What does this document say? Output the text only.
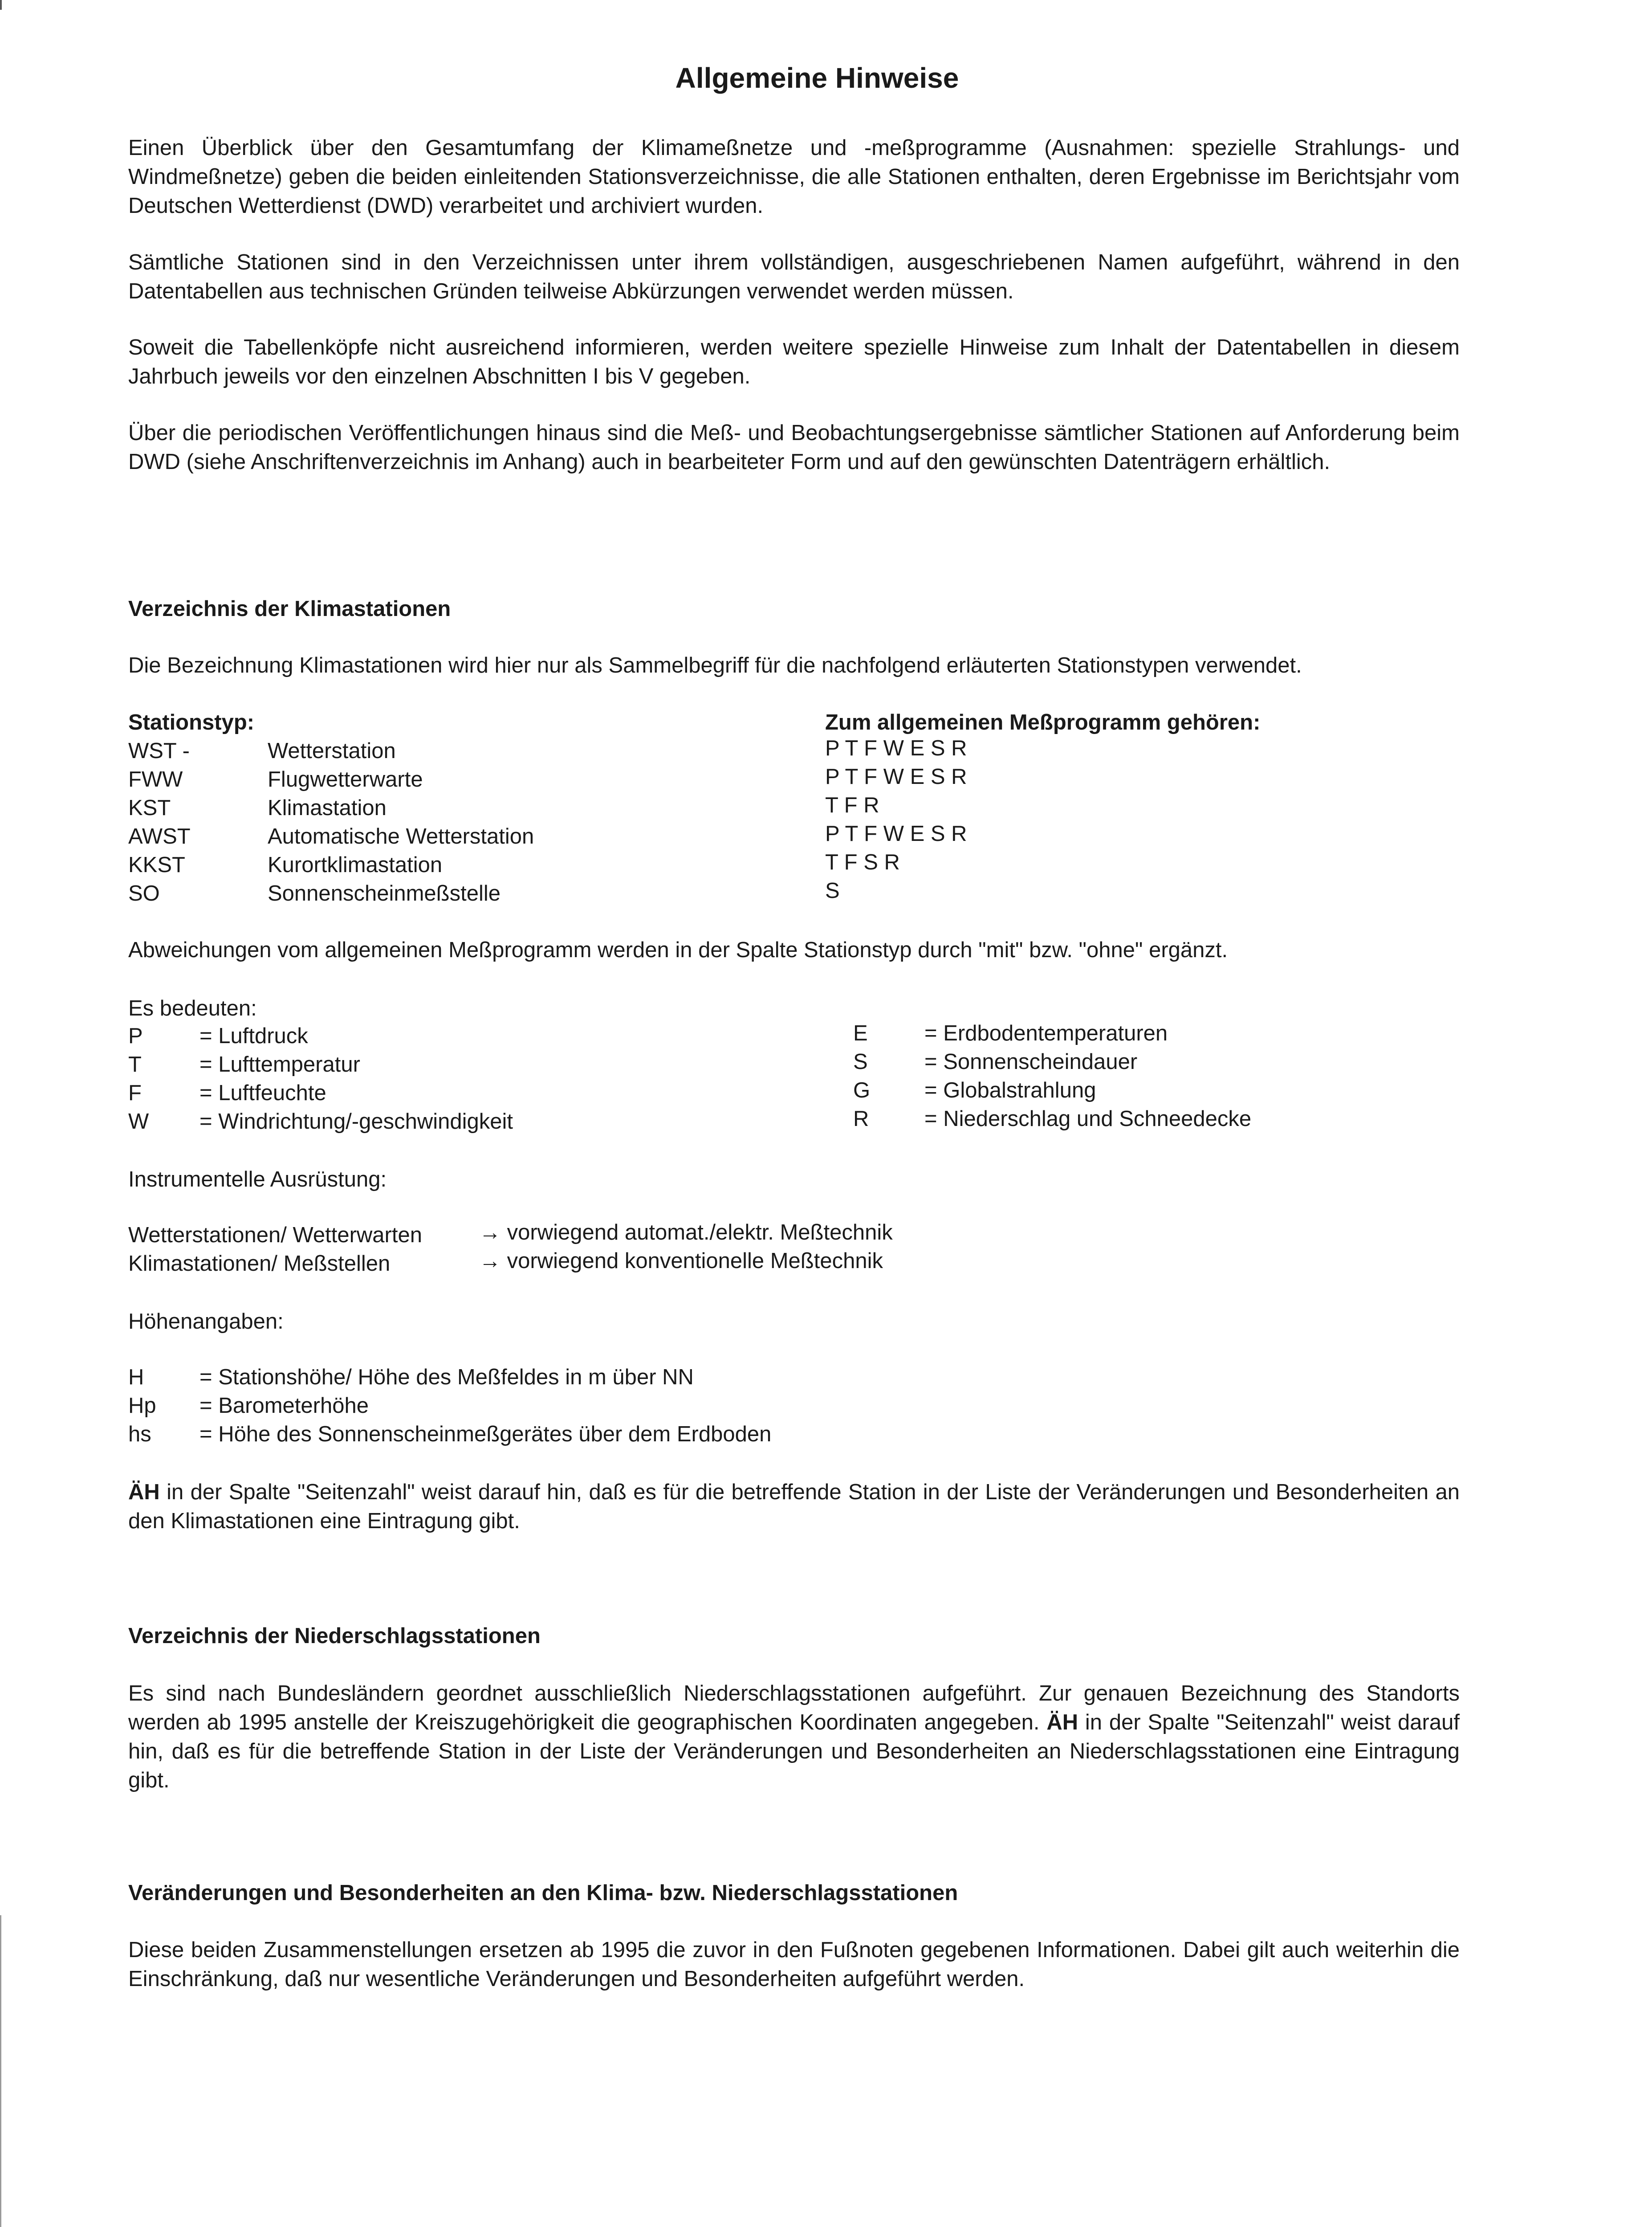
Allgemeine Hinweise
Einen Überblick über den Gesamtumfang der Klimameßnetze und -meßprogramme (Ausnahmen: spezielle Strahlungs- und Windmeßnetze) geben die beiden einleitenden Stationsverzeichnisse, die alle Stationen enthalten, deren Ergebnisse im Berichtsjahr vom Deutschen Wetterdienst (DWD) verarbeitet und archiviert wurden.
Sämtliche Stationen sind in den Verzeichnissen unter ihrem vollständigen, ausgeschriebenen Namen aufgeführt, während in den Datentabellen aus technischen Gründen teilweise Abkürzungen verwendet werden müssen.
Soweit die Tabellenköpfe nicht ausreichend informieren, werden weitere spezielle Hinweise zum Inhalt der Datentabellen in diesem Jahrbuch jeweils vor den einzelnen Abschnitten I bis V gegeben.
Über die periodischen Veröffentlichungen hinaus sind die Meß- und Beobachtungsergebnisse sämtlicher Stationen auf Anforderung beim DWD (siehe Anschriftenverzeichnis im Anhang) auch in bearbeiteter Form und auf den gewünschten Datenträgern erhältlich.
Verzeichnis der Klimastationen
Die Bezeichnung Klimastationen wird hier nur als Sammelbegriff für die nachfolgend erläuterten Stationstypen verwendet.
Stationstyp:	Zum allgemeinen Meßprogramm gehören:
WST -	Wetterstation	P T F W E S R
FWW	Flugwetterwarte	P T F W E S R
KST	Klimastation	T F R
AWST	Automatische Wetterstation	P T F W E S R
KKST	Kurortklimastation	T F S R
SO	Sonnenscheinmeßstelle	S
Abweichungen vom allgemeinen Meßprogramm werden in der Spalte Stationstyp durch "mit" bzw. "ohne" ergänzt.
Es bedeuten:
P	= Luftdruck
T	= Lufttemperatur
F	= Luftfeuchte
W = Windrichtung/-geschwindigkeit
E	= Erdbodentemperaturen
S	= Sonnenscheindauer
G = Globalstrahlung
R	= Niederschlag und Schneedecke
Instrumentelle Ausrüstung:
Wetterstationen/ Wetterwarten	→ vorwiegend automat./elektr. Meßtechnik
Klimastationen/ Meßstellen	→ vorwiegend konventionelle Meßtechnik
Höhenangaben:
H	= Stationshöhe/ Höhe des Meßfeldes in m über NN
Hp = Barometerhöhe
hs = Höhe des Sonnenscheinmeßgerätes über dem Erdboden
ÄH in der Spalte "Seitenzahl" weist darauf hin, daß es für die betreffende Station in der Liste der Veränderungen und Besonderheiten an den Klimastationen eine Eintragung gibt.
Verzeichnis der Niederschlagsstationen
Es sind nach Bundesländern geordnet ausschließlich Niederschlagsstationen aufgeführt. Zur genauen Bezeichnung des Standorts werden ab 1995 anstelle der Kreiszugehörigkeit die geographischen Koordinaten angegeben. ÄH in der Spalte "Seitenzahl" weist darauf hin, daß es für die betreffende Station in der Liste der Veränderungen und Besonderheiten an Niederschlagsstationen eine Eintragung gibt.
Veränderungen und Besonderheiten an den Klima- bzw. Niederschlagsstationen
Diese beiden Zusammenstellungen ersetzen ab 1995 die zuvor in den Fußnoten gegebenen Informationen. Dabei gilt auch weiterhin die Einschränkung, daß nur wesentliche Veränderungen und Besonderheiten aufgeführt werden.
